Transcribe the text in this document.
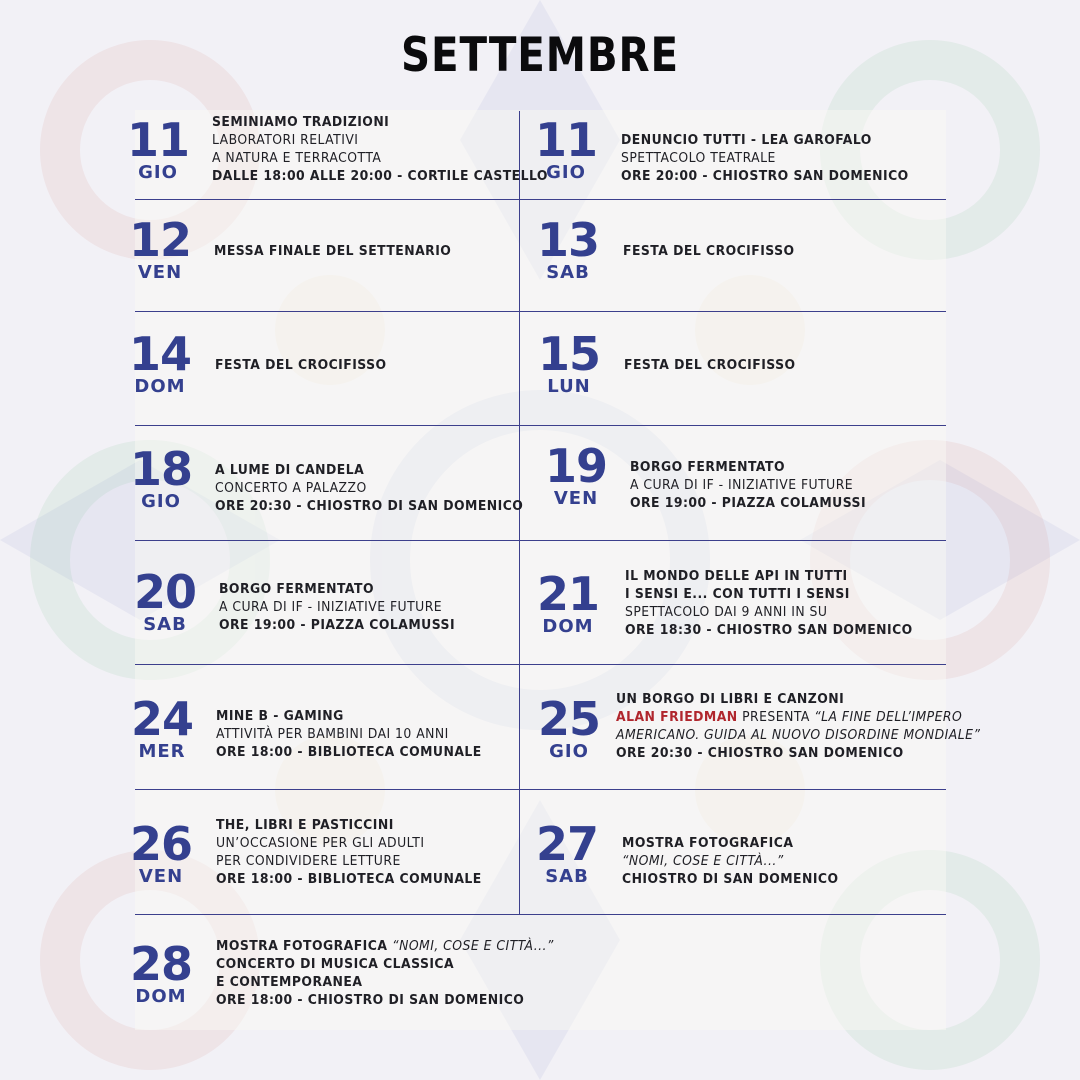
SETTEMBRE
11
GIO
SEMINIAMO TRADIZIONI
LABORATORI RELATIVI
A NATURA E TERRACOTTA
DALLE 18:00 ALLE 20:00 - CORTILE CASTELLO
11
GIO
DENUNCIO TUTTI - LEA GAROFALO
SPETTACOLO TEATRALE
ORE 20:00 - CHIOSTRO SAN DOMENICO
12
VEN
MESSA FINALE DEL SETTENARIO 13
SAB
FESTA DEL CROCIFISSO
14
DOM
FESTA DEL CROCIFISSO	15
LUN
FESTA DEL CROCIFISSO
18
GIO
A LUME DI CANDELA
CONCERTO A PALAZZO
ORE 20:30 - CHIOSTRO DI SAN DOMENICO
19
VEN
BORGO FERMENTATO
A CURA DI IF - INIZIATIVE FUTURE
ORE 19:00 - PIAZZA COLAMUSSI
20
SAB
BORGO FERMENTATO
A CURA DI IF - INIZIATIVE FUTURE
ORE 19:00 - PIAZZA COLAMUSSI
21
DOM
IL MONDO DELLE API IN TUTTI
I SENSI E... CON TUTTI I SENSI
SPETTACOLO DAI 9 ANNI IN SU
ORE 18:30 - CHIOSTRO SAN DOMENICO
24
MER
MINE B - GAMING
ATTIVITÀ PER BAMBINI DAI 10 ANNI
ORE 18:00 - BIBLIOTECA COMUNALE
25
GIO
UN BORGO DI LIBRI E CANZONI
ALAN FRIEDMAN PRESENTA “LA FINE DELL’IMPERO
AMERICANO. GUIDA AL NUOVO DISORDINE MONDIALE”
ORE 20:30 - CHIOSTRO SAN DOMENICO
26
VEN
THE, LIBRI E PASTICCINI
UN’OCCASIONE PER GLI ADULTI
PER CONDIVIDERE LETTURE
ORE 18:00 - BIBLIOTECA COMUNALE
27
SAB
MOSTRA FOTOGRAFICA
“NOMI, COSE E CITTÀ...”
CHIOSTRO DI SAN DOMENICO
28
DOM
MOSTRA FOTOGRAFICA “NOMI, COSE E CITTÀ...”
CONCERTO DI MUSICA CLASSICA
E CONTEMPORANEA
ORE 18:00 - CHIOSTRO DI SAN DOMENICO
